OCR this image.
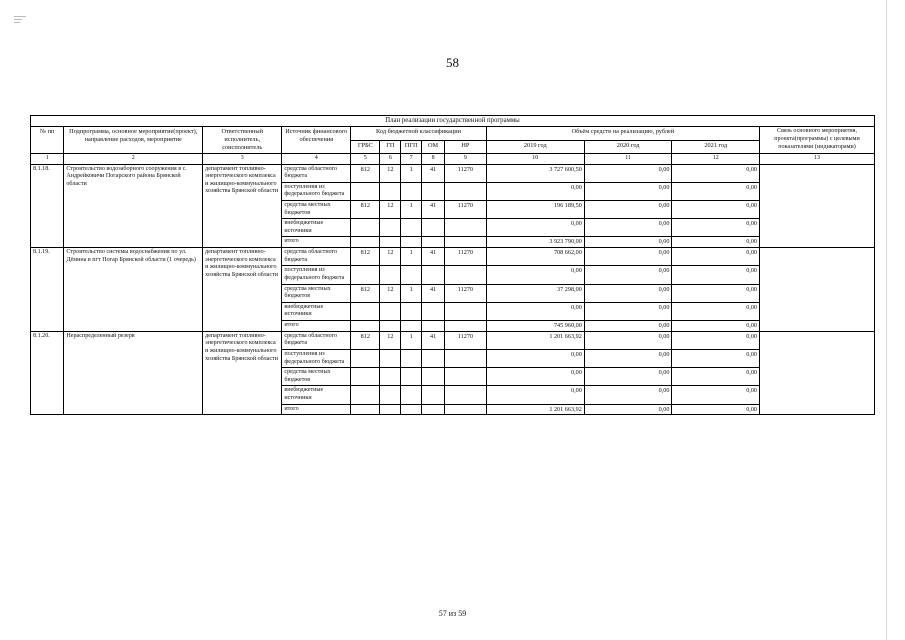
58
План реализации государственной программы												
№ пп	Подпрограмма, основное мероприятие(проект), направление расходов, мероприятие	Ответственный исполнитель, соисполнитель	Источник финансового обеспечения	Код бюджетной классификации					Объём средств на реализацию, рублей			Связь основного мероприятия, проекта(программы) с целевыми показателями (индикаторами)
				ГРБС	ГП	ПГП	ОМ	НР	2019 год	2020 год	2021 год	
1	2	3	4	5	6	7	8	9	10	11	12	13
8.1.18.	Строительство водозаборного сооружения в с. Андрейковичи Погарского района Брянской области	департамент топливно-энергетического комплекса и жилищно-коммунального хозяйства Брянской области	средства областного бюджета	812	12	1	41	11270	3 727 600,50	0,00	0,00	
			поступления из федерального бюджета						0,00	0,00	0,00	
			средства местных бюджетов	812	12	1	41	11270	196 189,50	0,00	0,00	
			внебюджетные источники						0,00	0,00	0,00	
			итого						3 923 790,00	0,00	0,00	
8.1.19.	Строительство системы водоснабжения по ул. Дёмина в пгт Погар Брянской области (1 очередь)	департамент топливно-энергетического комплекса и жилищно-коммунального хозяйства Брянской области	средства областного бюджета	812	12	1	41	11270	708 662,00	0,00	0,00	
			поступления из федерального бюджета						0,00	0,00	0,00	
			средства местных бюджетов	812	12	1	41	11270	37 298,00	0,00	0,00	
			внебюджетные источники						0,00	0,00	0,00	
			итого						745 960,00	0,00	0,00	
8.1.20.	Нераспределенный резерв	департамент топливно-энергетического комплекса и жилищно-коммунального хозяйства Брянской области	средства областного бюджета	812	12	1	41	11270	1 201 663,92	0,00	0,00	
			поступления из федерального бюджета						0,00	0,00	0,00	
			средства местных бюджетов						0,00	0,00	0,00	
			внебюджетные источники						0,00	0,00	0,00	
			итого						1 201 663,92	0,00	0,00	
57 из 59
